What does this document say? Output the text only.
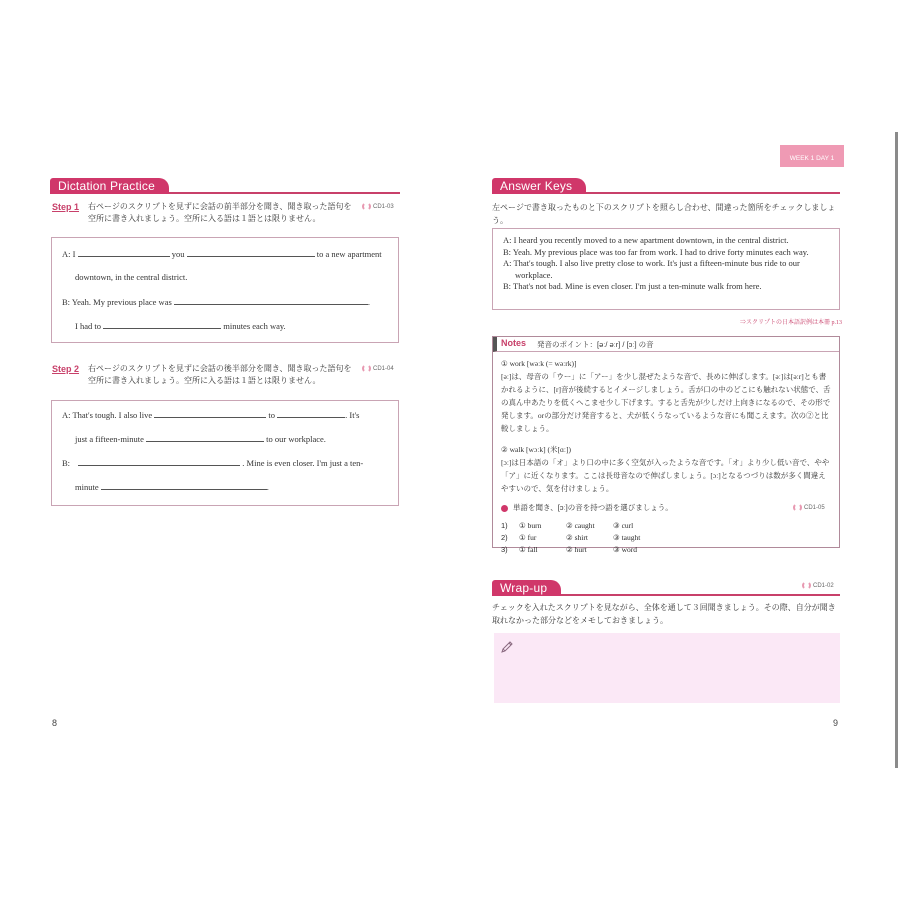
Dictation Practice
Step 1 右ページのスクリプトを見ずに会話の前半部分を聞き、聞き取った語句を空所に書き入れましょう。空所に入る語は１語とは限りません。
CD1-03
A: I	you	to a new apartment
downtown, in the central district.
B: Yeah. My previous place was	.
I had to	minutes each way.
Step 2 右ページのスクリプトを見ずに会話の後半部分を聞き、聞き取った語句を空所に書き入れましょう。空所に入る語は１語とは限りません。
CD1-04
A: That's tough. I also live	to	. It's
just a fifteen-minute	to our workplace.
B:	. Mine is even closer. I'm just a ten-
minute	.
8
WEEK 1 DAY 1
Answer Keys
左ページで書き取ったものと下のスクリプトを照らし合わせ、間違った箇所をチェックしましょう。
A: I heard you recently moved to a new apartment downtown, in the central district.
B: Yeah. My previous place was too far from work. I had to drive forty minutes each way.
A: That's tough. I also live pretty close to work. It's just a fifteen-minute bus ride to our workplace.
B: That's not bad. Mine is even closer. I'm just a ten-minute walk from here.
⇒スクリプトの日本語訳例は本冊 p.13
Notes 発音のポイント：[əː/ əːr] / [ɔː] の音
① work [wəːk (= wəːrk)]

[əː]は、母音の「ウー」に「アー」を少し混ぜたような音で、長めに伸ばします。[əː]は[əːr]とも書かれるように、[r]音が後続するとイメージしましょう。舌が口の中のどこにも触れない状態で、舌の真ん中あたりを低くへこませ少し下げます。すると舌先が少しだけ上向きになるので、その形で発します。orの部分だけ発音すると、犬が低くうなっているような音にも聞こえます。次の②と比較しましょう。

② walk [wɔːk] (米[ɑː])

[ɔː]は日本語の「オ」より口の中に多く空気が入ったような音です。「オ」より少し低い音で、やや「ア」に近くなります。ここは長母音なので伸ばしましょう。[ɔː]となるつづりは数が多く間違えやすいので、気を付けましょう。

単語を聞き、[ɔː]の音を持つ語を選びましょう。	CD1-05
1)	① burn	② caught	③ curl
2)	① fur	② shirt	③ taught
3)	① fall	② hurt	③ word
Wrap-up	CD1-02
チェックを入れたスクリプトを見ながら、全体を通して３回聞きましょう。その際、自分が聞き取れなかった部分などをメモしておきましょう。
9
